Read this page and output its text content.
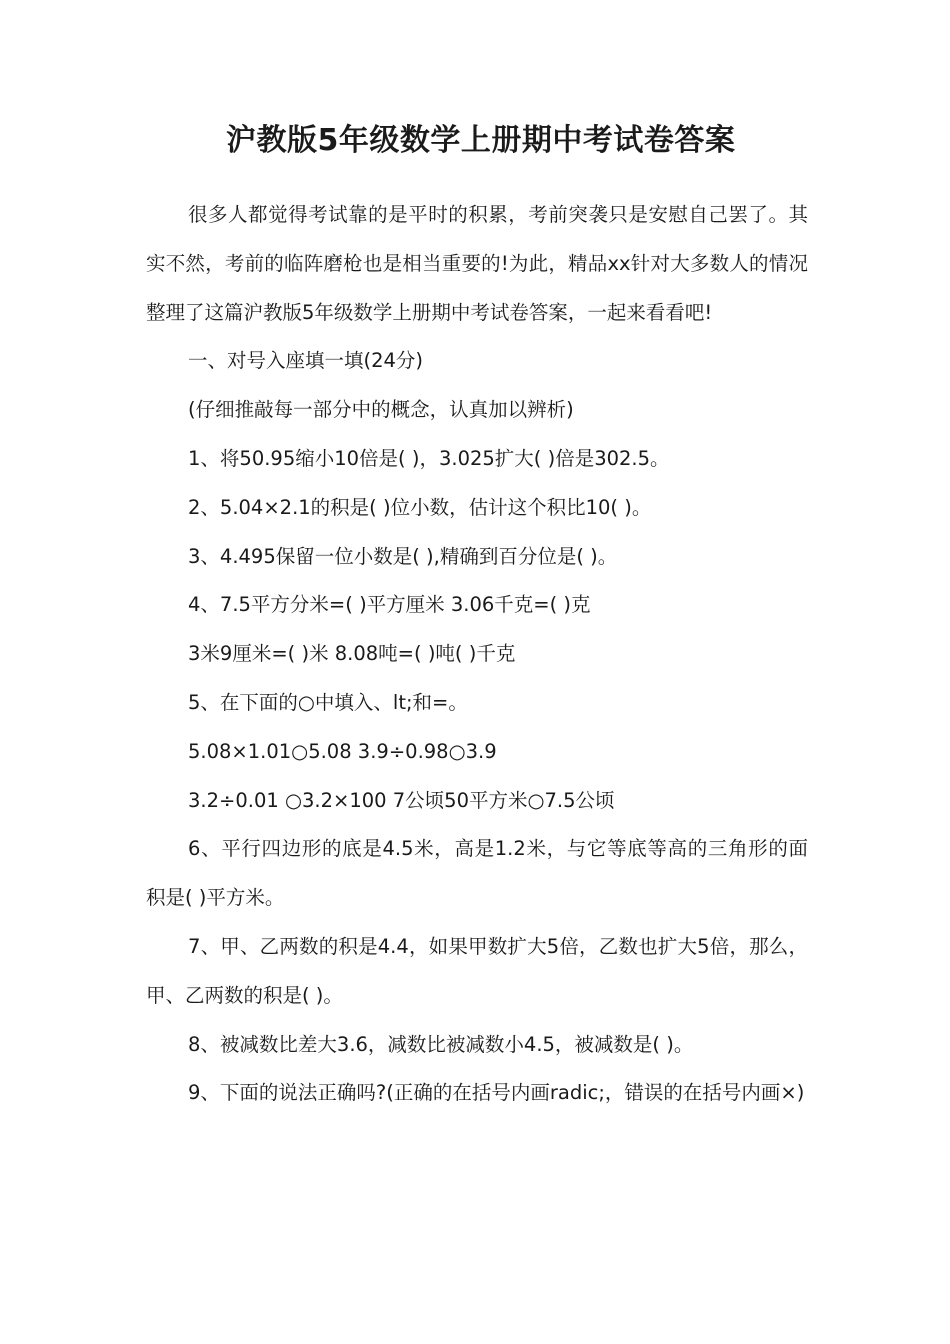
沪教版5年级数学上册期中考试卷答案

很多人都觉得考试靠的是平时的积累，考前突袭只是安慰自己罢了。其实不然，考前的临阵磨枪也是相当重要的!为此，精品xx针对大多数人的情况整理了这篇沪教版5年级数学上册期中考试卷答案，一起来看看吧!

一、对号入座填一填(24分)

(仔细推敲每一部分中的概念，认真加以辨析)

1、将50.95缩小10倍是( )，3.025扩大( )倍是302.5。

2、5.04×2.1的积是( )位小数，估计这个积比10( )。

3、4.495保留一位小数是( ),精确到百分位是( )。

4、7.5平方分米=( )平方厘米 3.06千克=( )克

3米9厘米=( )米 8.08吨=( )吨( )千克

5、在下面的○中填入、lt;和=。

5.08×1.01○5.08 3.9÷0.98○3.9

3.2÷0.01 ○3.2×100 7公顷50平方米○7.5公顷

6、平行四边形的底是4.5米，高是1.2米，与它等底等高的三角形的面积是( )平方米。

7、甲、乙两数的积是4.4，如果甲数扩大5倍，乙数也扩大5倍，那么，甲、乙两数的积是( )。

8、被减数比差大3.6，减数比被减数小4.5，被减数是( )。

9、下面的说法正确吗?(正确的在括号内画radic;，错误的在括号内画×)
